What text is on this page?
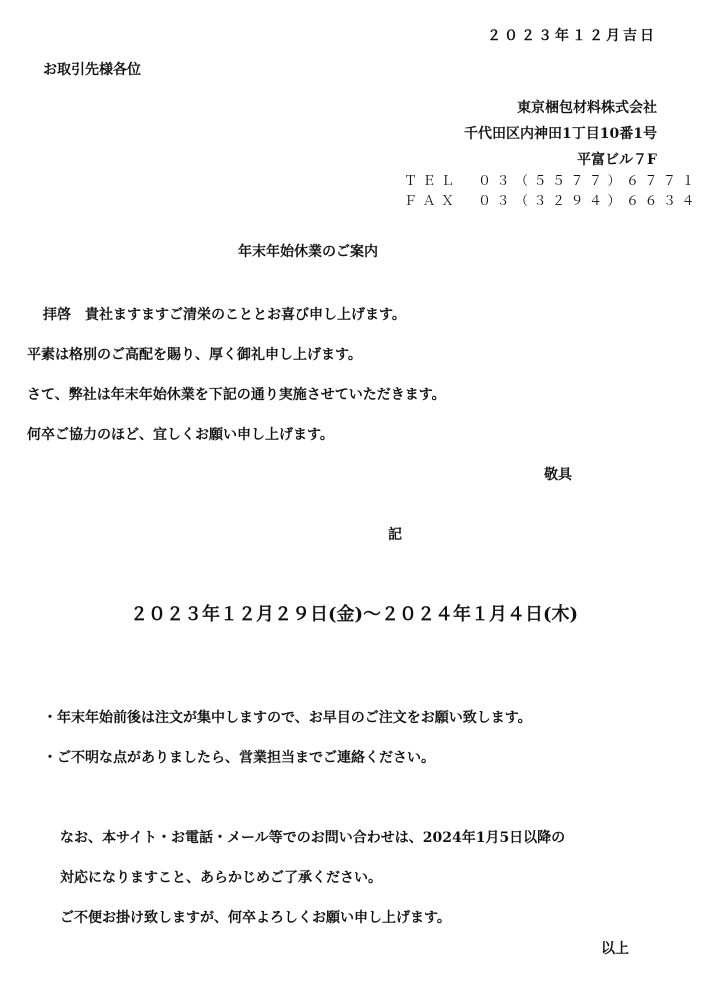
２０２３年１２月吉日
お取引先様各位
東京梱包材料株式会社
千代田区内神田1丁目10番1号
平富ビル７F
ＴＥＬ　０３（５５７７）６７７１
ＦＡＸ　０３（３２９４）６６３４
年末年始休業のご案内
拝啓　貴社ますますご清栄のこととお喜び申し上げます。
平素は格別のご高配を賜り、厚く御礼申し上げます。
さて、弊社は年末年始休業を下記の通り実施させていただきます。
何卒ご協力のほど、宜しくお願い申し上げます。
敬具
記
２０２３年１２月２９日(金)～２０２４年１月４日(木)
・年末年始前後は注文が集中しますので、お早目のご注文をお願い致します。
・ご不明な点がありましたら、営業担当までご連絡ください。
なお、本サイト・お電話・メール等でのお問い合わせは、2024年1月5日以降の
対応になりますこと、あらかじめご了承ください。
ご不便お掛け致しますが、何卒よろしくお願い申し上げます。
以上
